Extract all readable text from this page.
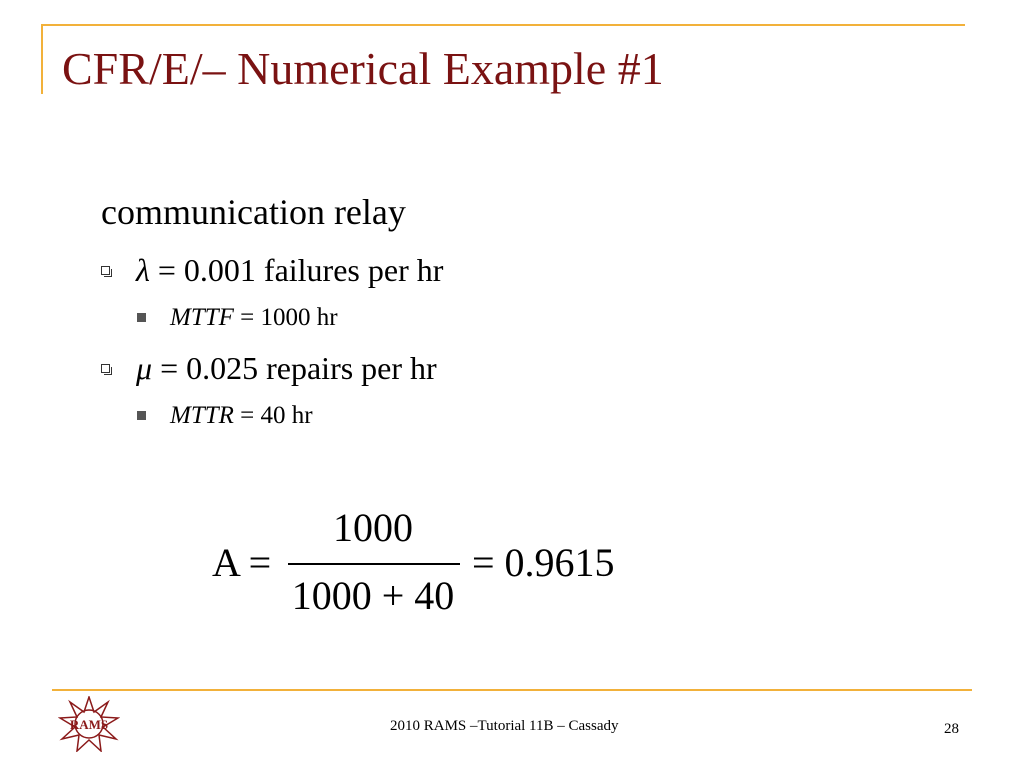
CFR/E/– Numerical Example #1
communication relay
λ = 0.001 failures per hr
MTTF = 1000 hr
μ = 0.025 repairs per hr
MTTR = 40 hr
A =
1000
1000 + 40
= 0.9615
RAMS	2010 RAMS –Tutorial 11B – Cassady	28
